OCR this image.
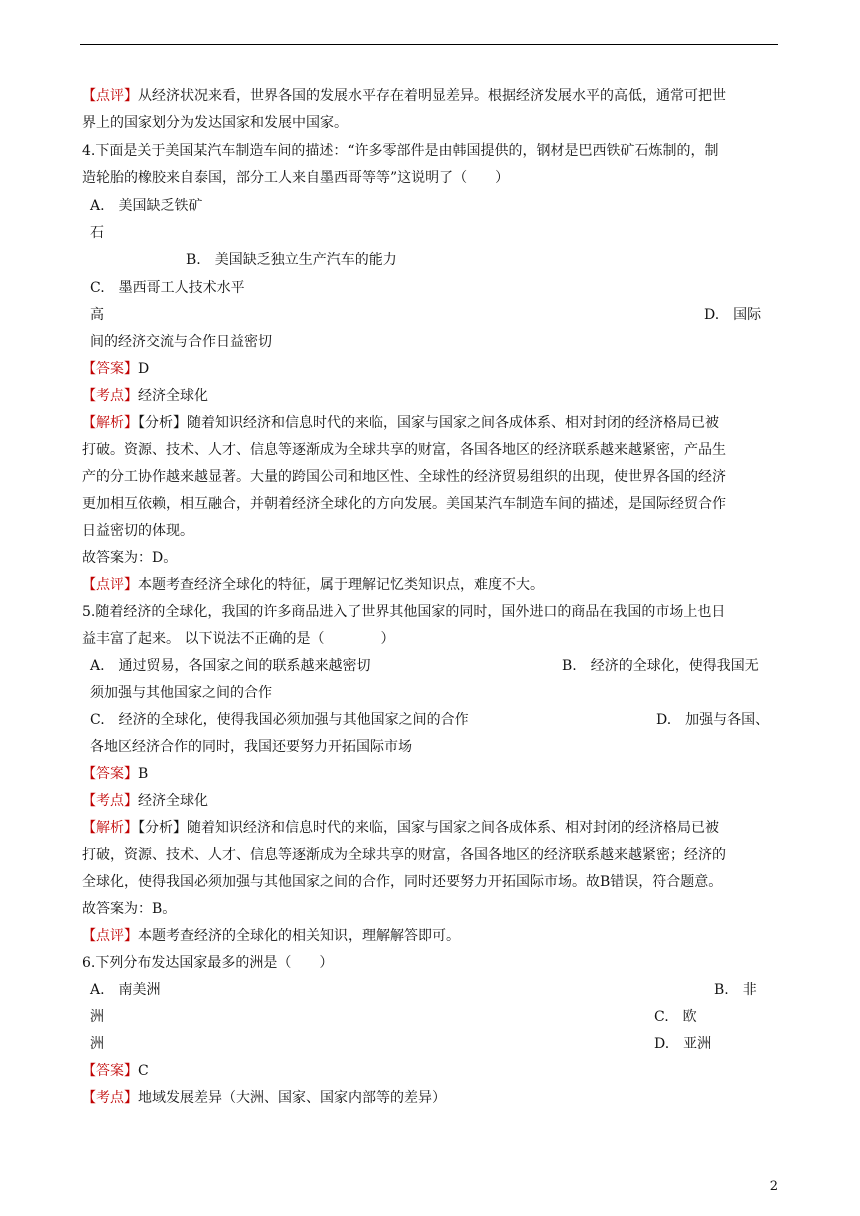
【点评】从经济状况来看，世界各国的发展水平存在着明显差异。根据经济发展水平的高低，通常可把世
界上的国家划分为发达国家和发展中国家。
4.下面是关于美国某汽车制造车间的描述：“许多零部件是由韩国提供的，钢材是巴西铁矿石炼制的，制
造轮胎的橡胶来自泰国，部分工人来自墨西哥等等”这说明了（　　）
A.　美国缺乏铁矿
石
B.　美国缺乏独立生产汽车的能力
C.　墨西哥工人技术水平
高	D.　国际
间的经济交流与合作日益密切
【答案】D
【考点】经济全球化
【解析】【分析】随着知识经济和信息时代的来临，国家与国家之间各成体系、相对封闭的经济格局已被
打破。资源、技术、人才、信息等逐渐成为全球共享的财富，各国各地区的经济联系越来越紧密，产品生
产的分工协作越来越显著。大量的跨国公司和地区性、全球性的经济贸易组织的出现，使世界各国的经济
更加相互依赖，相互融合，并朝着经济全球化的方向发展。美国某汽车制造车间的描述，是国际经贸合作
日益密切的体现。
故答案为：D。
【点评】本题考查经济全球化的特征，属于理解记忆类知识点，难度不大。
5.随着经济的全球化，我国的许多商品进入了世界其他国家的同时，国外进口的商品在我国的市场上也日
益丰富了起来。 以下说法不正确的是（　　　　）
A.　通过贸易，各国家之间的联系越来越密切	B.　经济的全球化，使得我国无
须加强与其他国家之间的合作
C.　经济的全球化，使得我国必须加强与其他国家之间的合作	D.　加强与各国、
各地区经济合作的同时，我国还要努力开拓国际市场
【答案】B
【考点】经济全球化
【解析】【分析】随着知识经济和信息时代的来临，国家与国家之间各成体系、相对封闭的经济格局已被
打破，资源、技术、人才、信息等逐渐成为全球共享的财富，各国各地区的经济联系越来越紧密；经济的
全球化，使得我国必须加强与其他国家之间的合作，同时还要努力开拓国际市场。故B错误，符合题意。
故答案为：B。
【点评】本题考查经济的全球化的相关知识，理解解答即可。
6.下列分布发达国家最多的洲是（　　）
A.　南美洲	B.　非
洲	C.　欧
洲	D.　亚洲
【答案】C
【考点】地域发展差异（大洲、国家、国家内部等的差异）
2
